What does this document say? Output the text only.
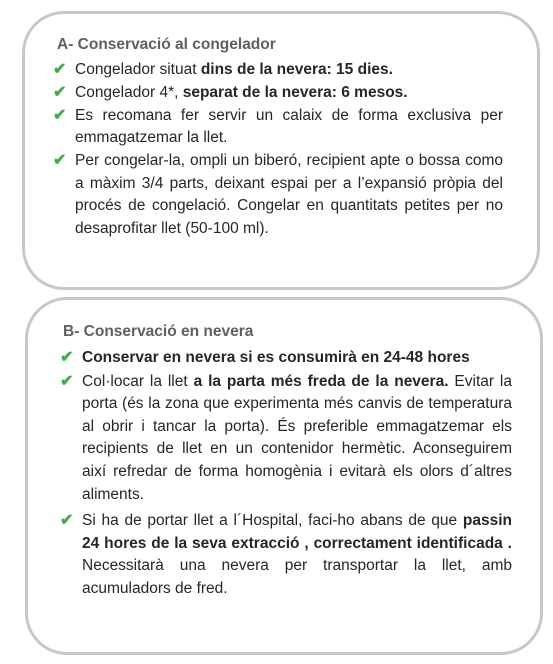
A- Conservació al congelador
✔ Congelador situat dins de la nevera: 15 dies.
✔ Congelador 4*, separat de la nevera: 6 mesos.
✔ Es recomana fer servir un calaix de forma exclusiva per emmagatzemar la llet.
✔ Per congelar-la, ompli un biberó, recipient apte o bossa como a màxim 3/4 parts, deixant espai per a l’expansió pròpia del procés de congelació. Congelar en quantitats petites per no desaprofitar llet (50-100 ml).
B- Conservació en nevera
✔ Conservar en nevera si es consumirà en 24-48 hores
✔ Col·locar la llet a la parta més freda de la nevera. Evitar la porta (és la zona que experimenta més canvis de temperatura al obrir i tancar la porta). És preferible emmagatzemar els recipients de llet en un contenidor hermètic. Aconseguirem així refredar de forma homogènia i evitarà els olors d´altres aliments.
✔ Si ha de portar llet a l´Hospital, faci-ho abans de que passin 24 hores de la seva extracció , correctament identificada . Necessitarà una nevera per transportar la llet, amb acumuladors de fred.
